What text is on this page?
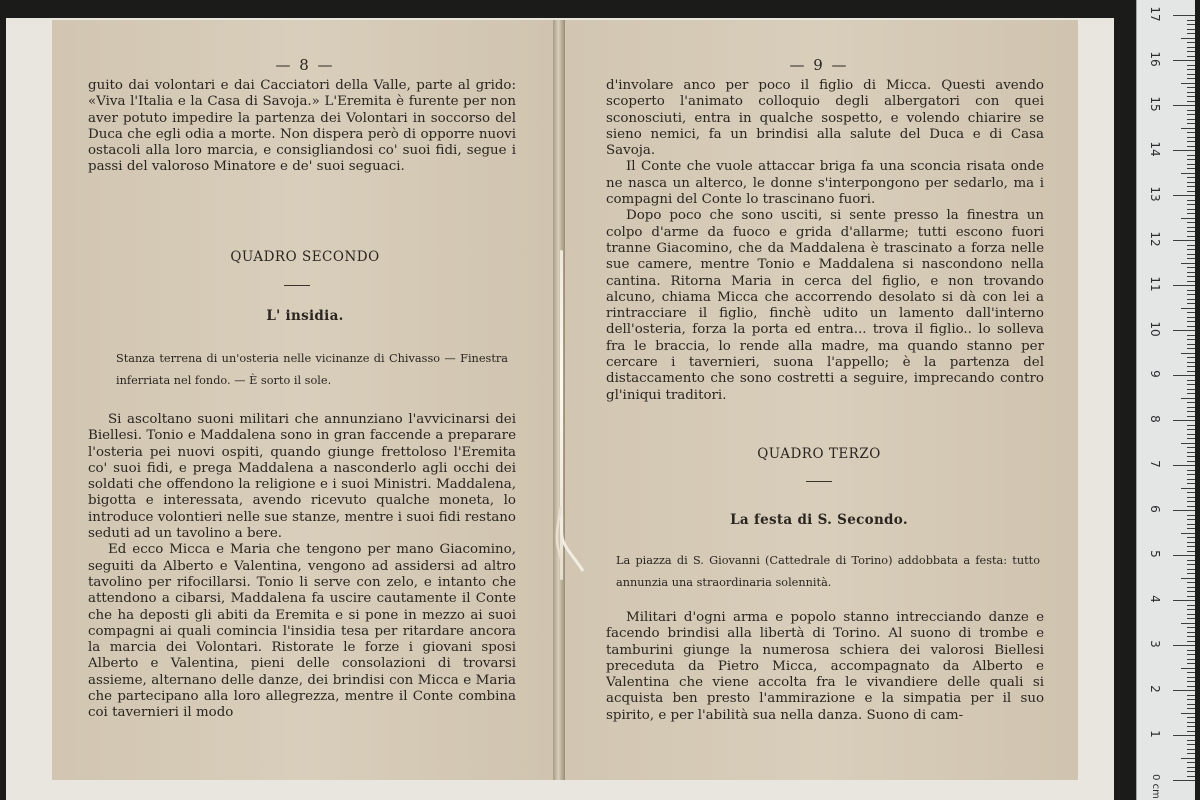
— 8 —

guito dai volontari e dai Cacciatori della Valle, parte al grido: «Viva l'Italia e la Casa di Savoja.» L'Eremita è furente per non aver potuto impedire la partenza dei Volontari in soccorso del Duca che egli odia a morte. Non dispera però di opporre nuovi ostacoli alla loro marcia, e consigliandosi co' suoi fidi, segue i passi del valoroso Minatore e de' suoi seguaci.

QUADRO SECONDO
L' insidia.
Stanza terrena di un'osteria nelle vicinanze di Chivasso — Finestra inferriata nel fondo. — È sorto il sole.

Si ascoltano suoni militari che annunziano l'avvicinarsi dei Biellesi. Tonio e Maddalena sono in gran faccende a preparare l'osteria pei nuovi ospiti, quando giunge frettoloso l'Eremita co' suoi fidi, e prega Maddalena a nasconderlo agli occhi dei soldati che offendono la religione e i suoi Ministri. Maddalena, bigotta e interessata, avendo ricevuto qualche moneta, lo introduce volontieri nelle sue stanze, mentre i suoi fidi restano seduti ad un tavolino a bere.

Ed ecco Micca e Maria che tengono per mano Giacomino, seguiti da Alberto e Valentina, vengono ad assidersi ad altro tavolino per rifocillarsi. Tonio li serve con zelo, e intanto che attendono a cibarsi, Maddalena fa uscire cautamente il Conte che ha deposti gli abiti da Eremita e si pone in mezzo ai suoi compagni ai quali comincia l'insidia tesa per ritardare ancora la marcia dei Volontari. Ristorate le forze i giovani sposi Alberto e Valentina, pieni delle consolazioni di trovarsi assieme, alternano delle danze, dei brindisi con Micca e Maria che partecipano alla loro allegrezza, mentre il Conte combina coi tavernieri il modo

— 9 —

d'involare anco per poco il figlio di Micca. Questi avendo scoperto l'animato colloquio degli albergatori con quei sconosciuti, entra in qualche sospetto, e volendo chiarire se sieno nemici, fa un brindisi alla salute del Duca e di Casa Savoja.

Il Conte che vuole attaccar briga fa una sconcia risata onde ne nasca un alterco, le donne s'interpongono per sedarlo, ma i compagni del Conte lo trascinano fuori.

Dopo poco che sono usciti, si sente presso la finestra un colpo d'arme da fuoco e grida d'allarme; tutti escono fuori tranne Giacomino, che da Maddalena è trascinato a forza nelle sue camere, mentre Tonio e Maddalena si nascondono nella cantina. Ritorna Maria in cerca del figlio, e non trovando alcuno, chiama Micca che accorrendo desolato si dà con lei a rintracciare il figlio, finchè udito un lamento dall'interno dell'osteria, forza la porta ed entra... trova il figlio.. lo solleva fra le braccia, lo rende alla madre, ma quando stanno per cercare i tavernieri, suona l'appello; è la partenza del distaccamento che sono costretti a seguire, imprecando contro gl'iniqui traditori.

QUADRO TERZO
La festa di S. Secondo.
La piazza di S. Giovanni (Cattedrale di Torino) addobbata a festa: tutto annunzia una straordinaria solennità.

Militari d'ogni arma e popolo stanno intrecciando danze e facendo brindisi alla libertà di Torino. Al suono di trombe e tamburini giunge la numerosa schiera dei valorosi Biellesi preceduta da Pietro Micca, accompagnato da Alberto e Valentina che viene accolta fra le vivandiere delle quali si acquista ben presto l'ammirazione e la simpatia per il suo spirito, e per l'abilità sua nella danza. Suono di cam-

1
2
3
4
5
6
7
8
9
10
11
12
13
14
15
16
17
0 cm
